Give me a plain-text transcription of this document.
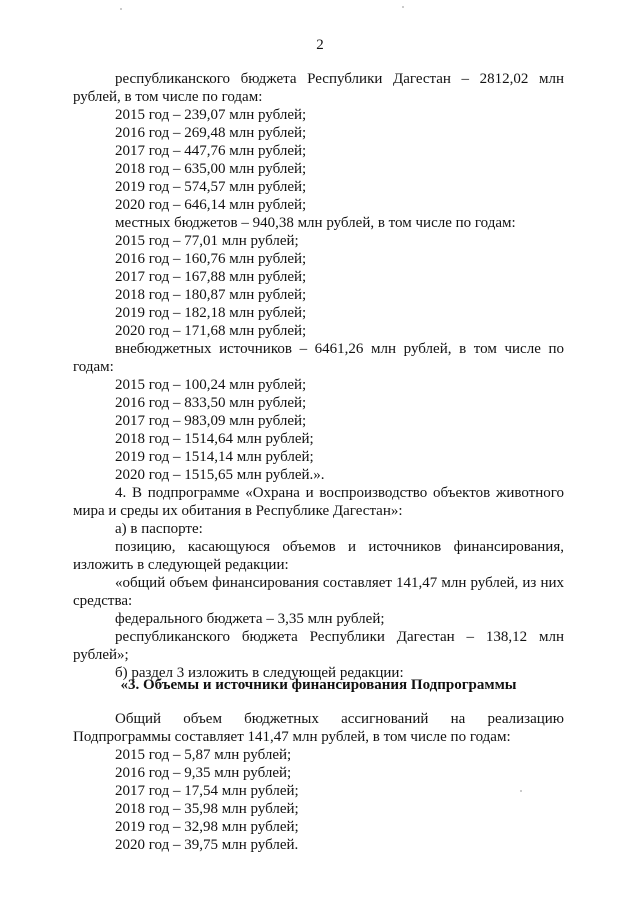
2

республиканского бюджета Республики Дагестан – 2812,02 млн рублей, в том числе по годам:

2015 год – 239,07 млн рублей;

2016 год – 269,48 млн рублей;

2017 год – 447,76 млн рублей;

2018 год – 635,00 млн рублей;

2019 год – 574,57 млн рублей;

2020 год – 646,14 млн рублей;

местных бюджетов – 940,38 млн рублей, в том числе по годам:

2015 год – 77,01 млн рублей;

2016 год – 160,76 млн рублей;

2017 год – 167,88 млн рублей;

2018 год – 180,87 млн рублей;

2019 год – 182,18 млн рублей;

2020 год – 171,68 млн рублей;

внебюджетных источников – 6461,26 млн рублей, в том числе по годам:

2015 год – 100,24 млн рублей;

2016 год – 833,50 млн рублей;

2017 год – 983,09 млн рублей;

2018 год – 1514,64 млн рублей;

2019 год – 1514,14 млн рублей;

2020 год – 1515,65 млн рублей.».

4. В подпрограмме «Охрана и воспроизводство объектов животного мира и среды их обитания в Республике Дагестан»:

а) в паспорте:

позицию, касающуюся объемов и источников финансирования, изложить в следующей редакции:

«общий объем финансирования составляет 141,47 млн рублей, из них средства:

федерального бюджета – 3,35 млн рублей;

республиканского бюджета Республики Дагестан – 138,12 млн рублей»;

б) раздел 3 изложить в следующей редакции:

«3. Объемы и источники финансирования Подпрограммы

Общий объем бюджетных ассигнований на реализацию Подпрограммы составляет 141,47 млн рублей, в том числе по годам:

2015 год – 5,87 млн рублей;

2016 год – 9,35 млн рублей;

2017 год – 17,54 млн рублей;

2018 год – 35,98 млн рублей;

2019 год – 32,98 млн рублей;

2020 год – 39,75 млн рублей.
